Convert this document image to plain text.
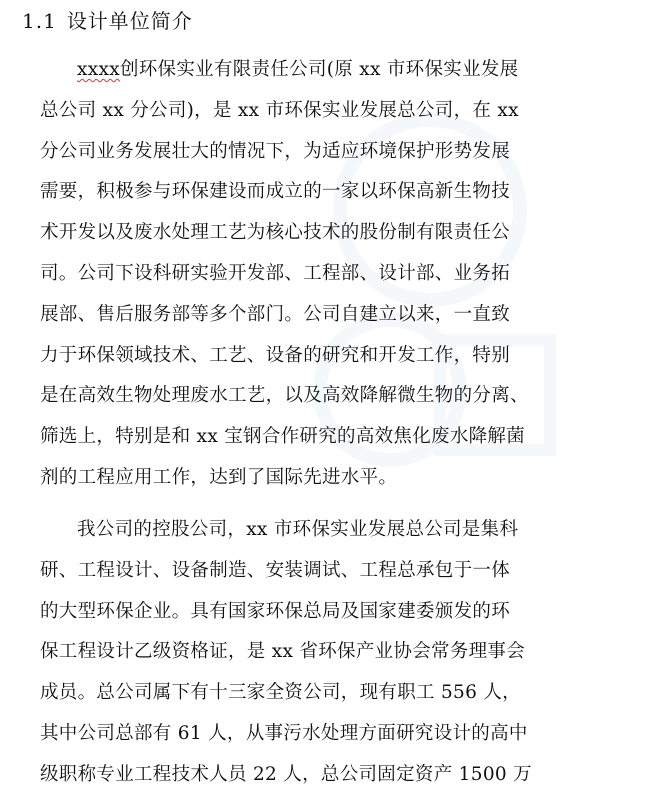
1.1 设计单位简介
xxxx创环保实业有限责任公司(原 xx 市环保实业发展
总公司 xx 分公司)，是 xx 市环保实业发展总公司，在 xx
分公司业务发展壮大的情况下，为适应环境保护形势发展
需要，积极参与环保建设而成立的一家以环保高新生物技
术开发以及废水处理工艺为核心技术的股份制有限责任公
司。公司下设科研实验开发部、工程部、设计部、业务拓
展部、售后服务部等多个部门。公司自建立以来，一直致
力于环保领域技术、工艺、设备的研究和开发工作，特别
是在高效生物处理废水工艺，以及高效降解微生物的分离、
筛选上，特别是和 xx 宝钢合作研究的高效焦化废水降解菌
剂的工程应用工作，达到了国际先进水平。
我公司的控股公司，xx 市环保实业发展总公司是集科
研、工程设计、设备制造、安装调试、工程总承包于一体
的大型环保企业。具有国家环保总局及国家建委颁发的环
保工程设计乙级资格证，是 xx 省环保产业协会常务理事会
成员。总公司属下有十三家全资公司，现有职工 556 人，
其中公司总部有 61 人，从事污水处理方面研究设计的高中
级职称专业工程技术人员 22 人，总公司固定资产 1500 万
